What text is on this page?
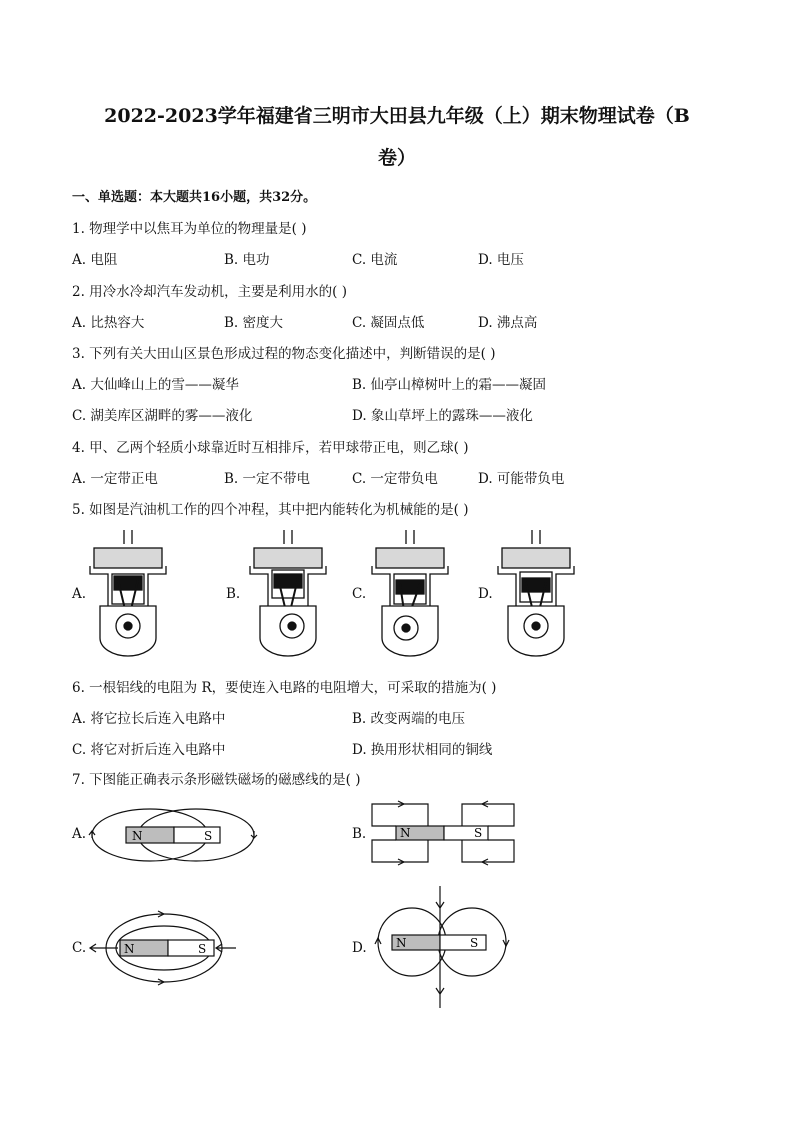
2022-2023学年福建省三明市大田县九年级（上）期末物理试卷（B
卷）
一、单选题：本大题共16小题，共32分。
1. 物理学中以焦耳为单位的物理量是( )
A. 电阻	B. 电功	C. 电流	D. 电压
2. 用冷水冷却汽车发动机，主要是利用水的( )
A. 比热容大	B. 密度大	C. 凝固点低	D. 沸点高
3. 下列有关大田山区景色形成过程的物态变化描述中，判断错误的是( )
A. 大仙峰山上的雪——凝华	B. 仙亭山樟树叶上的霜——凝固
C. 湖美库区湖畔的雾——液化	D. 象山草坪上的露珠——液化
4. 甲、乙两个轻质小球靠近时互相排斥，若甲球带正电，则乙球( )
A. 一定带正电	B. 一定不带电	C. 一定带负电	D. 可能带负电
5. 如图是汽油机工作的四个冲程，其中把内能转化为机械能的是( )
A.	B.	C.	D.
6. 一根铝线的电阻为 R，要使连入电路的电阻增大，可采取的措施为( )
A. 将它拉长后连入电路中	B. 改变两端的电压
C. 将它对折后连入电路中	D. 换用形状相同的铜线
7. 下图能正确表示条形磁铁磁场的磁感线的是( )
A.	N	S	B.	N	S
C.	N	S	D. N	S
